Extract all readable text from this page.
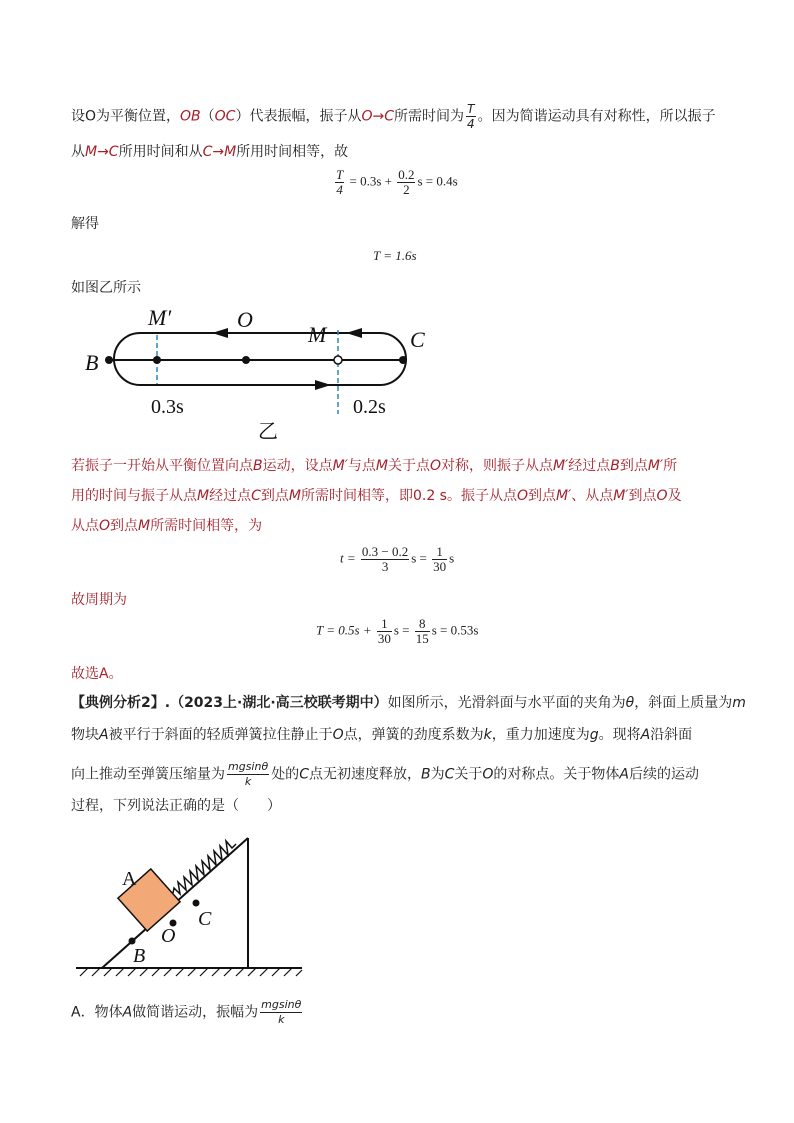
设O为平衡位置，OB（OC）代表振幅，振子从O→C所需时间为 $\frac{T}{4}$ 。因为简谐运动具有对称性，所以振子
从M→C所用时间和从C→M所用时间相等，故
$\frac{T}{4} = 0.3s + \frac{0.2}{2}$ s = 0.4s
解得
T = 1.6s
如图乙所示
M′	O
M	C
B
0.3s	0.2s
乙
若振子一开始从平衡位置向点B运动，设点M′与点M关于点O对称，则振子从点M′经过点B到点M′所
用的时间与振子从点M经过点C到点M所需时间相等，即0.2 s。振子从点O到点M′、从点M′到点O及
从点O到点M所需时间相等，为
$t = \frac{0.3 - 0.2}{3}$ $s = \frac{1}{30}$ s
故周期为
$T = 0.5s + \frac{1}{30}$ $s = \frac{8}{15}$ s = 0.53s
故选A。
【典例分析2】.（2023上·湖北·高三校联考期中）如图所示，光滑斜面与水平面的夹角为θ，斜面上质量为m
物块A被平行于斜面的轻质弹簧拉住静止于O点，弹簧的劲度系数为k，重力加速度为g。现将A沿斜面
向上推动至弹簧压缩量为 $\frac{mgsin\theta}{k}$ 处的C点无初速度释放，B为C关于O的对称点。关于物体A后续的运动
过程，下列说法正确的是（　　）
A
O
C
B
A．物体A做简谐运动，振幅为 $\frac{mgsin\theta}{k}$
